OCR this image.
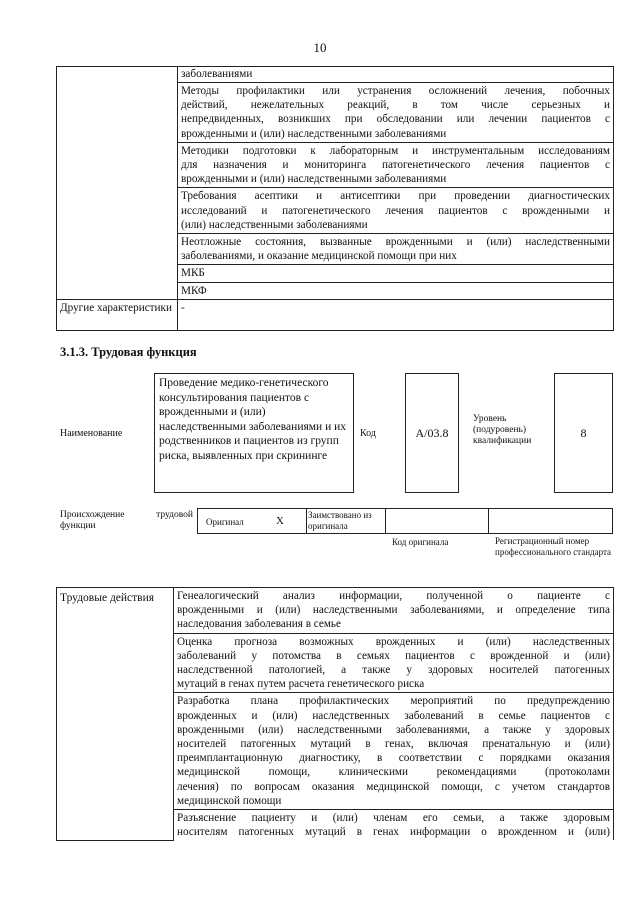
10
	заболеваниями

	Методы профилактики или устранения осложнений лечения, побочных
действий, нежелательных реакций, в том числе серьезных и
непредвиденных, возникших при обследовании или лечении пациентов с
врожденными и (или) наследственными заболеваниями

	Методики подготовки к лабораторным и инструментальным исследованиям
для назначения и мониторинга патогенетического лечения пациентов с
врожденными и (или) наследственными заболеваниями

	Требования асептики и антисептики при проведении диагностических
исследований и патогенетического лечения пациентов с врожденными и
(или) наследственными заболеваниями

	Неотложные состояния, вызванные врожденными и (или) наследственными
заболеваниями, и оказание медицинской помощи при них

	МКБ
	МКФ
Другие характеристики	-
3.1.3. Трудовая функция
Наименование
Проведение медико-генетического консультирования пациентов с врожденными и (или) наследственными заболеваниями и их родственников и пациентов из групп риска, выявленных при скрининге
Код	A/03.8
Уровень (подуровень) квалификации
8
Происхождение трудовой функции	Оригинал	X	Заимствовано из оригинала
Код оригинала	Регистрационный номер профессионального стандарта
Трудовые действия	Генеалогический анализ информации, полученной о пациенте с
врожденными и (или) наследственными заболеваниями, и определение типа
наследования заболевания в семье

Оценка прогноза возможных врожденных и (или) наследственных
заболеваний у потомства в семьях пациентов с врожденной и (или)
наследственной патологией, а также у здоровых носителей патогенных
мутаций в генах путем расчета генетического риска

Разработка плана профилактических мероприятий по предупреждению
врожденных и (или) наследственных заболеваний в семье пациентов с
врожденными (или) наследственными заболеваниями, а также у здоровых
носителей патогенных мутаций в генах, включая пренатальную и (или)
преимплантационную диагностику, в соответствии с порядками оказания
медицинской помощи, клиническими рекомендациями (протоколами
лечения) по вопросам оказания медицинской помощи, с учетом стандартов
медицинской помощи

Разъяснение пациенту и (или) членам его семьи, а также здоровым
носителям патогенных мутаций в генах информации о врожденном и (или)
